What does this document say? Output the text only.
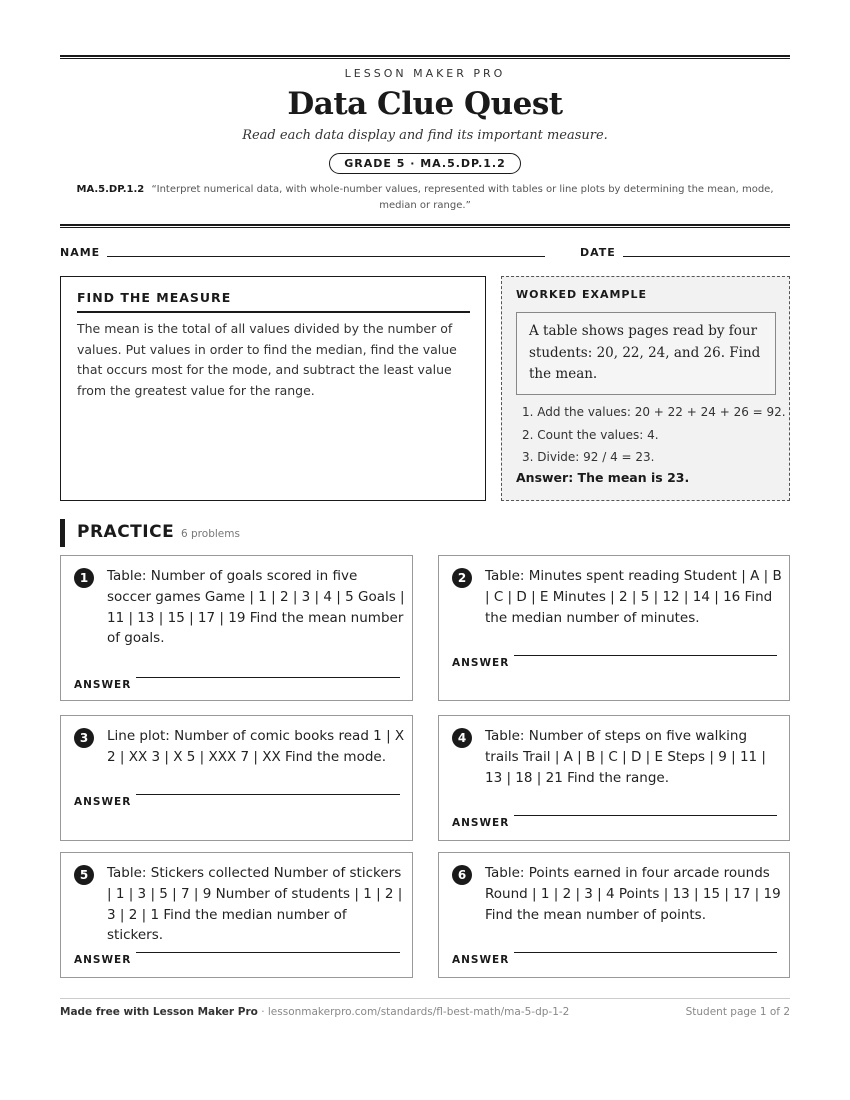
LESSON MAKER PRO
Data Clue Quest
Read each data display and find its important measure.
GRADE 5 · MA.5.DP.1.2
MA.5.DP.1.2 “Interpret numerical data, with whole-number values, represented with tables or line plots by determining the mean, mode, median or range.”
NAME	DATE
FIND THE MEASURE

The mean is the total of all values divided by the number of values. Put values in order to find the median, find the value that occurs most for the mode, and subtract the least value from the greatest value for the range.

WORKED EXAMPLE
A table shows pages read by four students: 20, 22, 24, and 26. Find the mean.
1. Add the values: 20 + 22 + 24 + 26 = 92.
2. Count the values: 4.
3. Divide: 92 / 4 = 23.
Answer: The mean is 23.
PRACTICE 6 problems
1	Table: Number of goals scored in five soccer games Game | 1 | 2 | 3 | 4 | 5 Goals | 11 | 13 | 15 | 17 | 19 Find the mean number of goals.

ANSWER
2	Table: Minutes spent reading Student | A | B | C | D | E Minutes | 2 | 5 | 12 | 14 | 16 Find the median number of minutes.

ANSWER
3	Line plot: Number of comic books read 1 | X 2 | XX 3 | X 5 | XXX 7 | XX Find the mode.

ANSWER
4	Table: Number of steps on five walking trails Trail | A | B | C | D | E Steps | 9 | 11 | 13 | 18 | 21 Find the range.

ANSWER
5	Table: Stickers collected Number of stickers | 1 | 3 | 5 | 7 | 9 Number of students | 1 | 2 | 3 | 2 | 1 Find the median number of stickers.

ANSWER
6	Table: Points earned in four arcade rounds Round | 1 | 2 | 3 | 4 Points | 13 | 15 | 17 | 19 Find the mean number of points.

ANSWER
Made free with Lesson Maker Pro · lessonmakerpro.com/standards/fl-best-math/ma-5-dp-1-2	Student page 1 of 2
